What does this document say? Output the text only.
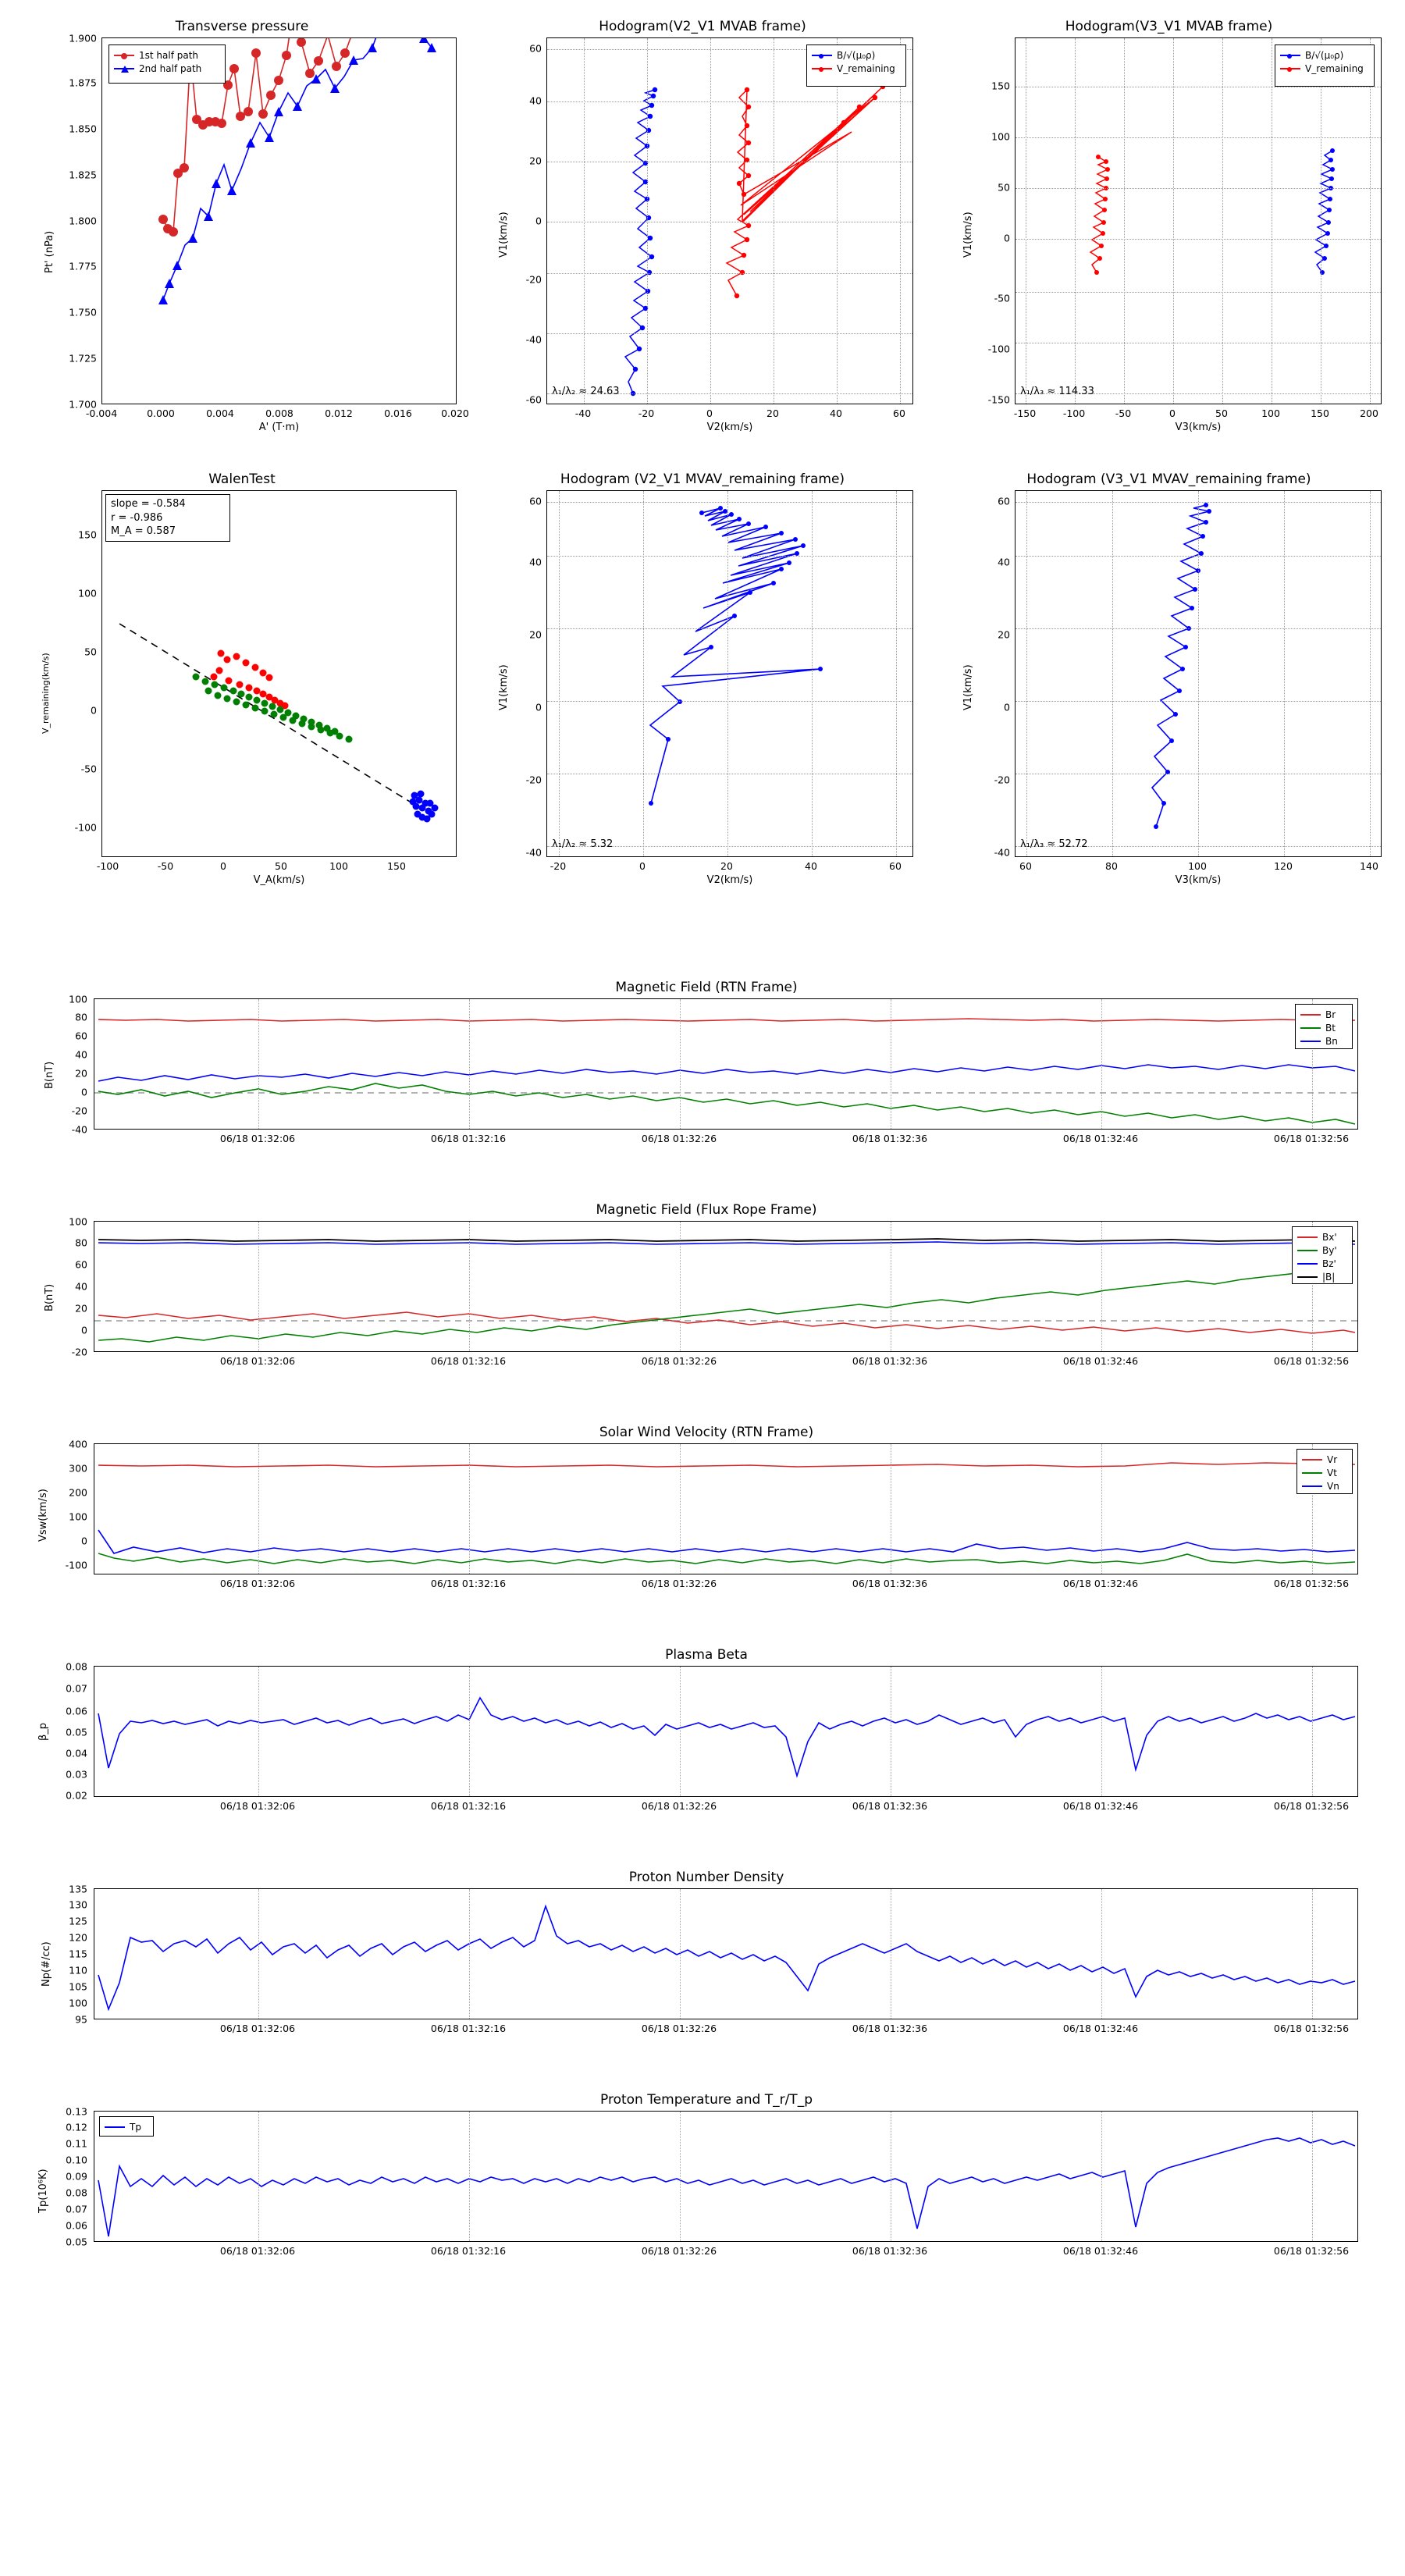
Transverse pressure
1st half path
2nd half path
-0.004	0.000	0.004	0.008	0.012	0.016	0.020
1.700
1.725
1.750
1.775
1.800
1.825
1.850
1.875
1.900
A' (T·m)
Pt' (nPa)
Hodogram(V2_V1 MVAB frame)
B/√(μ₀ρ)
V_remaining
λ₁/λ₂ ≈ 24.63
-40	-20	0	20	40	60
-60
-40
-20
0
20
40
60
V2(km/s)
V1(km/s)
Hodogram(V3_V1 MVAB frame)
B/√(μ₀ρ)
V_remaining
λ₁/λ₃ ≈ 114.33
-150	-100	-50	0	50	100	150	200
-150
-100
-50
0
50
100
150
V3(km/s)
V1(km/s)
WalenTest
slope = -0.584
r = -0.986
M_A = 0.587
-100	-50	0	50	100	150
-100
-50
0
50
100
150
V_A(km/s)
V_remaining(km/s)
Hodogram (V2_V1 MVAV_remaining frame)
λ₁/λ₂ ≈ 5.32
-20	0	20	40	60
-40
-20
0
20
40
60
V2(km/s)
V1(km/s)
Hodogram (V3_V1 MVAV_remaining frame)
λ₁/λ₃ ≈ 52.72
60	80	100	120	140
-40
-20
0
20
40
60
V3(km/s)
V1(km/s)
Magnetic Field (RTN Frame)
Br
Bt
Bn
06/18 01:32:06	06/18 01:32:16	06/18 01:32:26	06/18 01:32:36	06/18 01:32:46	06/18 01:32:56
-40
-20
0
20
40
60
80
100
B(nT)
Magnetic Field (Flux Rope Frame)
Bx'
By'
Bz'
|B|
06/18 01:32:06	06/18 01:32:16	06/18 01:32:26	06/18 01:32:36	06/18 01:32:46	06/18 01:32:56
-20
0
20
40
60
80
100
B(nT)
Solar Wind Velocity (RTN Frame)
Vr
Vt
Vn
06/18 01:32:06	06/18 01:32:16	06/18 01:32:26	06/18 01:32:36	06/18 01:32:46	06/18 01:32:56
-100
0
100
200
300
400
Vsw(km/s)
Plasma Beta
06/18 01:32:06	06/18 01:32:16	06/18 01:32:26	06/18 01:32:36	06/18 01:32:46	06/18 01:32:56
0.02
0.03
0.04
0.05
0.06
0.07
0.08
β_p
Proton Number Density
06/18 01:32:06	06/18 01:32:16	06/18 01:32:26	06/18 01:32:36	06/18 01:32:46	06/18 01:32:56
95
100
105
110
115
120
125
130
135
Np(#/cc)
Proton Temperature and T_r/T_p
Tp
06/18 01:32:06	06/18 01:32:16	06/18 01:32:26	06/18 01:32:36	06/18 01:32:46	06/18 01:32:56
0.05
0.06
0.07
0.08
0.09
0.10
0.11
0.12
0.13
Tp(10⁶K)
